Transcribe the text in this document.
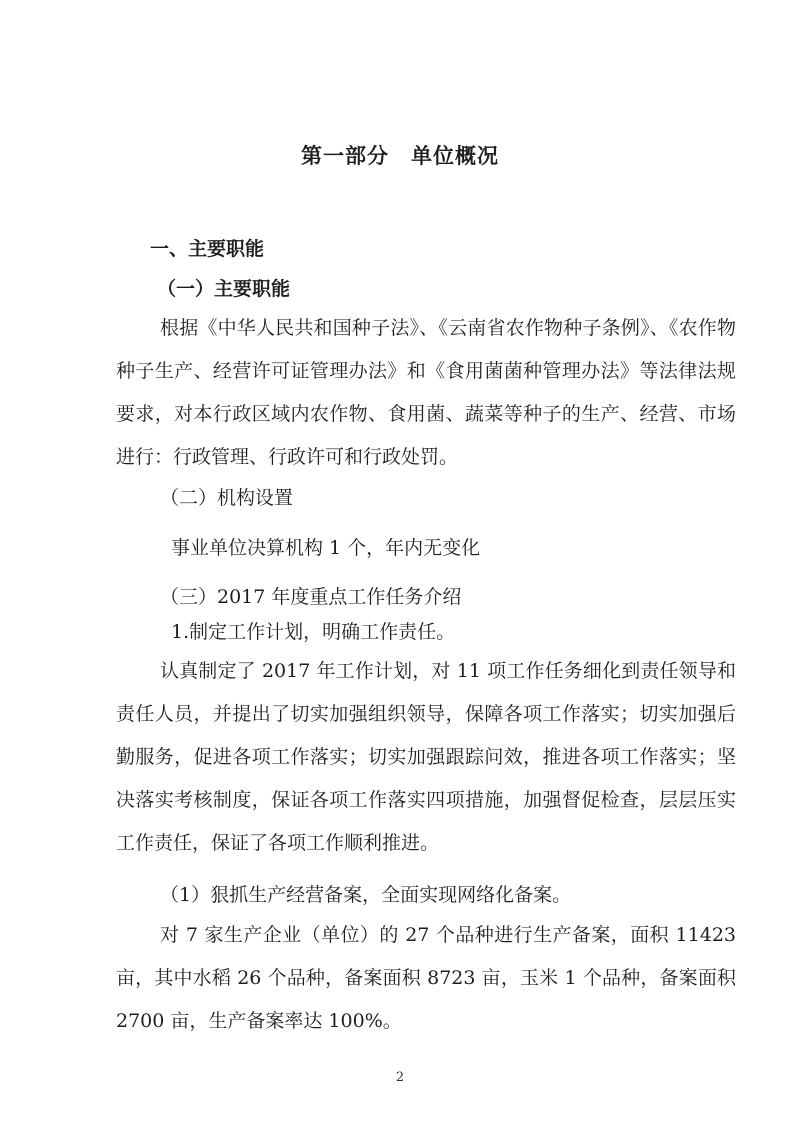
第一部分　单位概况
一、主要职能
（一）主要职能
根据《中华人民共和国种子法》、《云南省农作物种子条例》、《农作物种子生产、经营许可证管理办法》和《食用菌菌种管理办法》等法律法规要求，对本行政区域内农作物、食用菌、蔬菜等种子的生产、经营、市场进行：行政管理、行政许可和行政处罚。
（二）机构设置
事业单位决算机构 1 个，年内无变化
（三）2017 年度重点工作任务介绍
1.制定工作计划，明确工作责任。
认真制定了 2017 年工作计划，对 11 项工作任务细化到责任领导和责任人员，并提出了切实加强组织领导，保障各项工作落实；切实加强后勤服务，促进各项工作落实；切实加强跟踪问效，推进各项工作落实；坚决落实考核制度，保证各项工作落实四项措施，加强督促检查，层层压实工作责任，保证了各项工作顺利推进。
（1）狠抓生产经营备案，全面实现网络化备案。
对 7 家生产企业（单位）的 27 个品种进行生产备案，面积 11423 亩，其中水稻 26 个品种，备案面积 8723 亩，玉米 1 个品种，备案面积 2700 亩，生产备案率达 100%。
2
